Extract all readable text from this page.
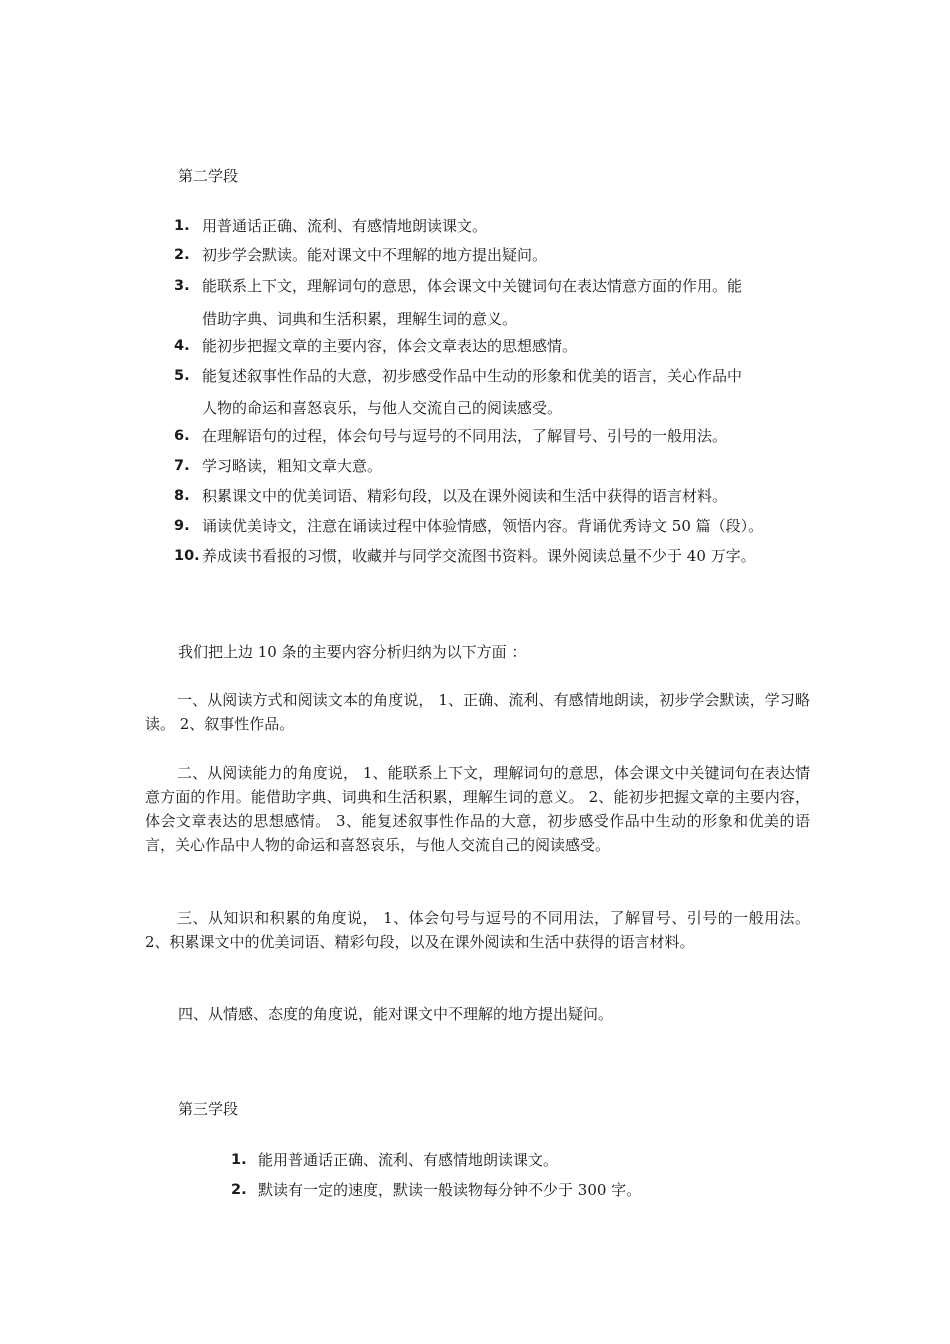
第二学段
1. 用普通话正确、流利、有感情地朗读课文。
2. 初步学会默读。能对课文中不理解的地方提出疑问。
3. 能联系上下文，理解词句的意思，体会课文中关键词句在表达情意方面的作用。能
借助字典、词典和生活积累，理解生词的意义。
4. 能初步把握文章的主要内容，体会文章表达的思想感情。
5. 能复述叙事性作品的大意，初步感受作品中生动的形象和优美的语言，关心作品中
人物的命运和喜怒哀乐，与他人交流自己的阅读感受。
6. 在理解语句的过程，体会句号与逗号的不同用法，了解冒号、引号的一般用法。
7. 学习略读，粗知文章大意。
8. 积累课文中的优美词语、精彩句段，以及在课外阅读和生活中获得的语言材料。
9. 诵读优美诗文，注意在诵读过程中体验情感，领悟内容。背诵优秀诗文 50 篇（段）。
10. 养成读书看报的习惯，收藏并与同学交流图书资料。课外阅读总量不少于 40 万字。
我们把上边 10 条的主要内容分析归纳为以下方面 ：
一、从阅读方式和阅读文本的角度说， 1、正确、流利、有感情地朗读，初步学会默读，学习略读。 2、叙事性作品。
二、从阅读能力的角度说， 1、能联系上下文，理解词句的意思，体会课文中关键词句在表达情意方面的作用。能借助字典、词典和生活积累，理解生词的意义。 2、能初步把握文章的主要内容，体会文章表达的思想感情。 3、能复述叙事性作品的大意，初步感受作品中生动的形象和优美的语言，关心作品中人物的命运和喜怒哀乐，与他人交流自己的阅读感受。
三、从知识和积累的角度说， 1、体会句号与逗号的不同用法，了解冒号、引号的一般用法。 2、积累课文中的优美词语、精彩句段，以及在课外阅读和生活中获得的语言材料。
四、从情感、态度的角度说，能对课文中不理解的地方提出疑问。
第三学段
1. 能用普通话正确、流利、有感情地朗读课文。
2. 默读有一定的速度，默读一般读物每分钟不少于 300 字。
